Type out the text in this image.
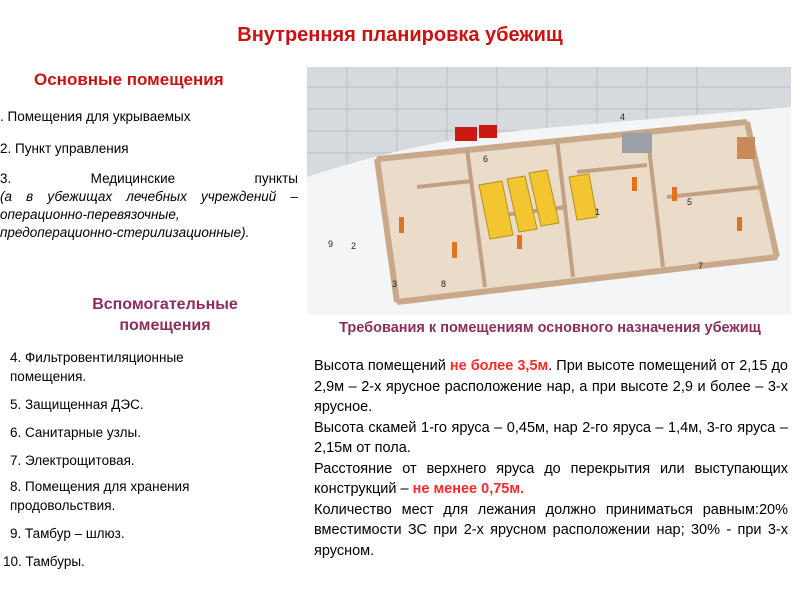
Внутренняя планировка убежищ
Основные помещения
. Помещения для укрываемых
2. Пункт управления
3. Медицинские пункты
(а в убежищах лечебных учреждений – операционно-перевязочные, предоперационно-стерилизационные).
Вспомогательные помещения
4. Фильтровентиляционные
помещения.
5. Защищенная ДЭС.
6. Санитарные узлы.
7. Электрощитовая.
8. Помещения для хранения
продовольствия.
9. Тамбур – шлюз.
10. Тамбуры.
Требования к помещениям основного назначения убежищ

Высота помещений не более 3,5м. При высоте помещений от 2,15 до 2,9м – 2-х ярусное расположение нар, а при высоте 2,9 и более – 3-х ярусное.

Высота скамей 1-го яруса – 0,45м, нар 2-го яруса – 1,4м, 3-го яруса – 2,15м от пола.

Расстояние от верхнего яруса до перекрытия или выступающих конструкций – не менее 0,75м.

Количество мест для лежания должно приниматься равным:20% вместимости ЗС при 2-х ярусном расположении нар; 30% - при 3-х ярусном.

4
6
1
5
2
9
7
3	8
